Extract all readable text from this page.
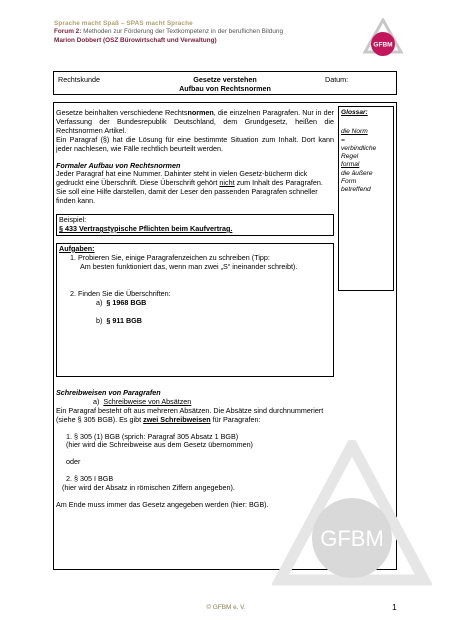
Sprache macht Spaß – SPAS macht Sprache
Forum 2: Methoden zur Förderung der Textkompetenz in der beruflichen Bildung
Marion Dobbert (OSZ Bürowirtschaft und Verwaltung)
GFBM
Rechtskunde	Gesetze verstehen
Aufbau von Rechtsnormen
Datum:
GFBM
Glossar:
die Norm
=
verbindliche
Regel
formal
die äußere
Form
betreffend

Gesetze beinhalten verschiedene Rechtsnormen, die einzelnen Paragrafen. Nur in der Verfassung der Bundesrepublik Deutschland, dem Grundgesetz, heißen die Rechtsnormen Artikel.

Ein Paragraf (§) hat die Lösung für eine bestimmte Situation zum Inhalt. Dort kann jeder nachlesen, wie Fälle rechtlich beurteilt werden.

Formaler Aufbau von Rechtsnormen

Jeder Paragraf hat eine Nummer. Dahinter steht in vielen Gesetz-bücherm dick gedruckt eine Überschrift. Diese Überschrift gehört nicht zum Inhalt des Paragrafen. Sie soll eine Hilfe darstellen, damit der Leser den passenden Paragrafen schneller finden kann.

Beispiel:
§ 433 Vertragstypische Pflichten beim Kaufvertrag.
Aufgaben:
1. Probieren Sie, einige Paragrafenzeichen zu schreiben (Tipp:
Am besten funktioniert das, wenn man zwei „S“ ineinander schreibt).
2. Finden Sie die Überschriften:
a) § 1968 BGB
b) § 911 BGB

Schreibweisen von Paragrafen

a) Schreibweise von Absätzen

Ein Paragraf besteht oft aus mehreren Absätzen. Die Absätze sind durchnummeriert (siehe § 305 BGB). Es gibt zwei Schreibweisen für Paragrafen:

1. § 305 (1) BGB (sprich: Paragraf 305 Absatz 1 BGB)

(hier wird die Schreibweise aus dem Gesetz übernommen)

oder

2. § 305 I BGB

(hier wird der Absatz in römischen Ziffern angegeben).

Am Ende muss immer das Gesetz angegeben werden (hier: BGB).

© GFBM e. V.	1
